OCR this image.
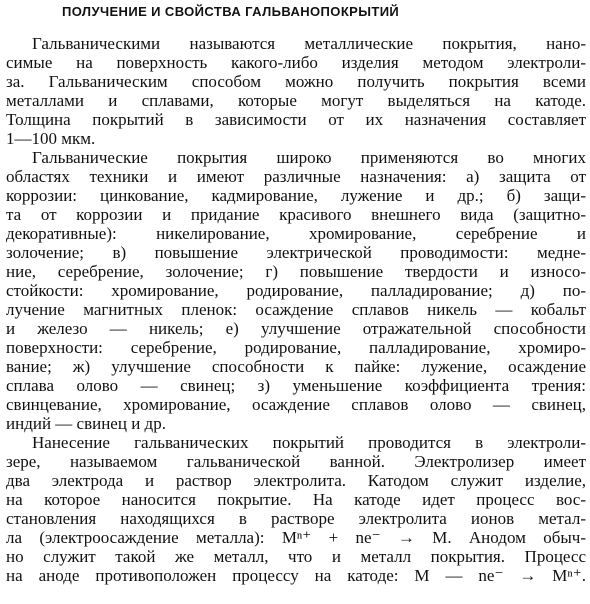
ПОЛУЧЕНИЕ И СВОЙСТВА ГАЛЬВАНОПОКРЫТИЙ
Гальваническими называются металлические покрытия, нано-
симые на поверхность какого-либо изделия методом электроли-
за. Гальваническим способом можно получить покрытия всеми
металлами и сплавами, которые могут выделяться на катоде.
Толщина покрытий в зависимости от их назначения составляет
1—100 мкм.
Гальванические покрытия широко применяются во многих
областях техники и имеют различные назначения: а) защита от
коррозии: цинкование, кадмирование, лужение и др.; б) защи-
та от коррозии и придание красивого внешнего вида (защитно-
декоративные): никелирование, хромирование, серебрение и
золочение; в) повышение электрической проводимости: медне-
ние, серебрение, золочение; г) повышение твердости и износо-
стойкости: хромирование, родирование, палладирование; д) по-
лучение магнитных пленок: осаждение сплавов никель — кобальт
и железо — никель; е) улучшение отражательной способности
поверхности: серебрение, родирование, палладирование, хромиро-
вание; ж) улучшение способности к пайке: лужение, осаждение
сплава олово — свинец; з) уменьшение коэффициента трения:
свинцевание, хромирование, осаждение сплавов олово — свинец,
индий — свинец и др.
Нанесение гальванических покрытий проводится в электроли-
зере, называемом гальванической ванной. Электролизер имеет
два электрода и раствор электролита. Катодом служит изделие,
на которое наносится покрытие. На катоде идет процесс вос-
становления находящихся в растворе электролита ионов метал-
ла (электроосаждение металла): Mⁿ⁺ + ne⁻ → M. Анодом обыч-
но служит такой же металл, что и металл покрытия. Процесс
на аноде противоположен процессу на катоде: M — ne⁻ → Mⁿ⁺.
